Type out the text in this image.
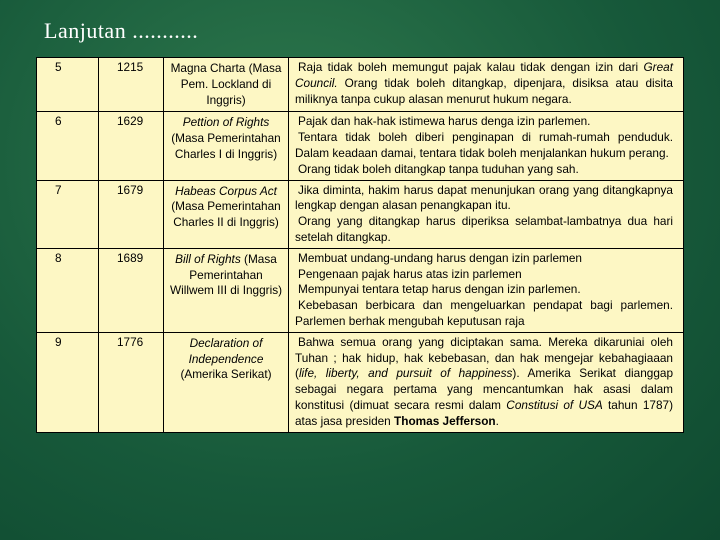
Lanjutan ...........
5	1215	Magna Charta (Masa Pem. Lockland di Inggris)	Raja tidak boleh memungut pajak kalau tidak dengan izin dari Great Council. Orang tidak boleh ditangkap, dipenjara, disiksa atau disita miliknya tanpa cukup alasan menurut hukum negara.

6	1629	Pettion of Rights (Masa Pemerintahan Charles I di Inggris)	Pajak dan hak-hak istimewa harus denga izin parlemen.
Tentara tidak boleh diberi penginapan di rumah-rumah penduduk. Dalam keadaan damai, tentara tidak boleh menjalankan hukum perang.
Orang tidak boleh ditangkap tanpa tuduhan yang sah.

7	1679	Habeas Corpus Act (Masa Pemerintahan Charles II di Inggris)	Jika diminta, hakim harus dapat menunjukan orang yang ditangkapnya lengkap dengan alasan penangkapan itu.
Orang yang ditangkap harus diperiksa selambat-lambatnya dua hari setelah ditangkap.

8	1689	Bill of Rights (Masa Pemerintahan Willwem III di Inggris)	Membuat undang-undang harus dengan izin parlemen
Pengenaan pajak harus atas izin parlemen
Mempunyai tentara tetap harus dengan izin parlemen.
Kebebasan berbicara dan mengeluarkan pendapat bagi parlemen. Parlemen berhak mengubah keputusan raja

9	1776	Declaration of Independence (Amerika Serikat)	Bahwa semua orang yang diciptakan sama. Mereka dikaruniai oleh Tuhan ; hak hidup, hak kebebasan, dan hak mengejar kebahagiaaan (life, liberty, and pursuit of happiness). Amerika Serikat dianggap sebagai negara pertama yang mencantumkan hak asasi dalam konstitusi (dimuat secara resmi dalam Constitusi of USA tahun 1787) atas jasa presiden Thomas Jefferson.
